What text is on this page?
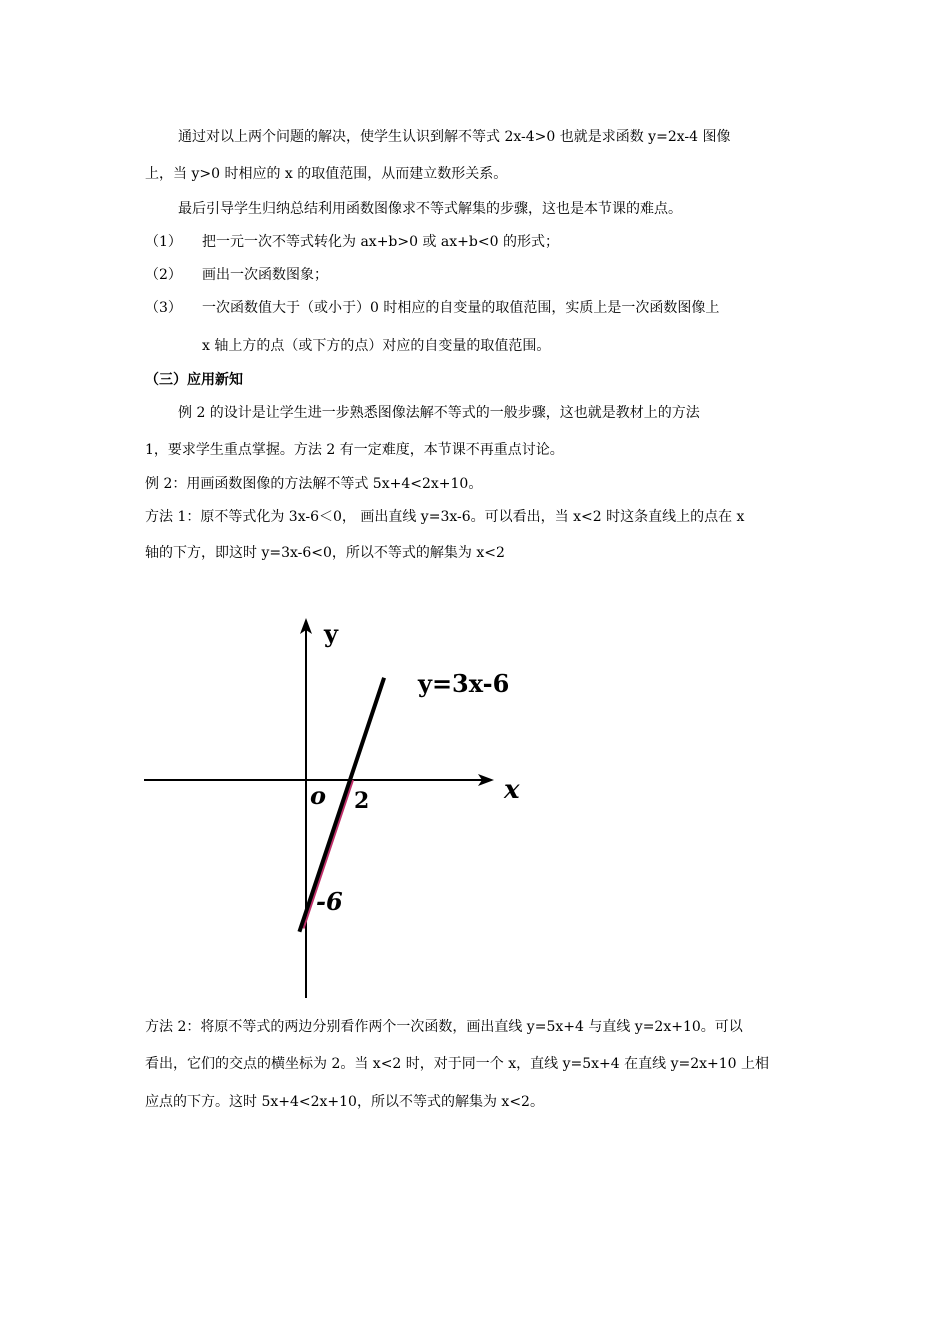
通过对以上两个问题的解决，使学生认识到解不等式 2x-4>0 也就是求函数 y=2x-4 图像
上，当 y>0 时相应的 x 的取值范围，从而建立数形关系。
最后引导学生归纳总结利用函数图像求不等式解集的步骤，这也是本节课的难点。
（1） 把一元一次不等式转化为 ax+b>0 或 ax+b<0 的形式；
（2） 画出一次函数图象；
（3） 一次函数值大于（或小于）0 时相应的自变量的取值范围，实质上是一次函数图像上
x 轴上方的点（或下方的点）对应的自变量的取值范围。
（三）应用新知
例 2 的设计是让学生进一步熟悉图像法解不等式的一般步骤，这也就是教材上的方法
1，要求学生重点掌握。方法 2 有一定难度，本节课不再重点讨论。
例 2：用画函数图像的方法解不等式 5x+4<2x+10。
方法 1：原不等式化为 3x-6＜0， 画出直线 y=3x-6。可以看出，当 x<2 时这条直线上的点在 x
轴的下方，即这时 y=3x-6<0，所以不等式的解集为 x<2
y
x
o 2
-6
y=3x-6
方法 2：将原不等式的两边分别看作两个一次函数，画出直线 y=5x+4 与直线 y=2x+10。可以
看出，它们的交点的横坐标为 2。当 x<2 时，对于同一个 x，直线 y=5x+4 在直线 y=2x+10 上相
应点的下方。这时 5x+4<2x+10，所以不等式的解集为 x<2。
